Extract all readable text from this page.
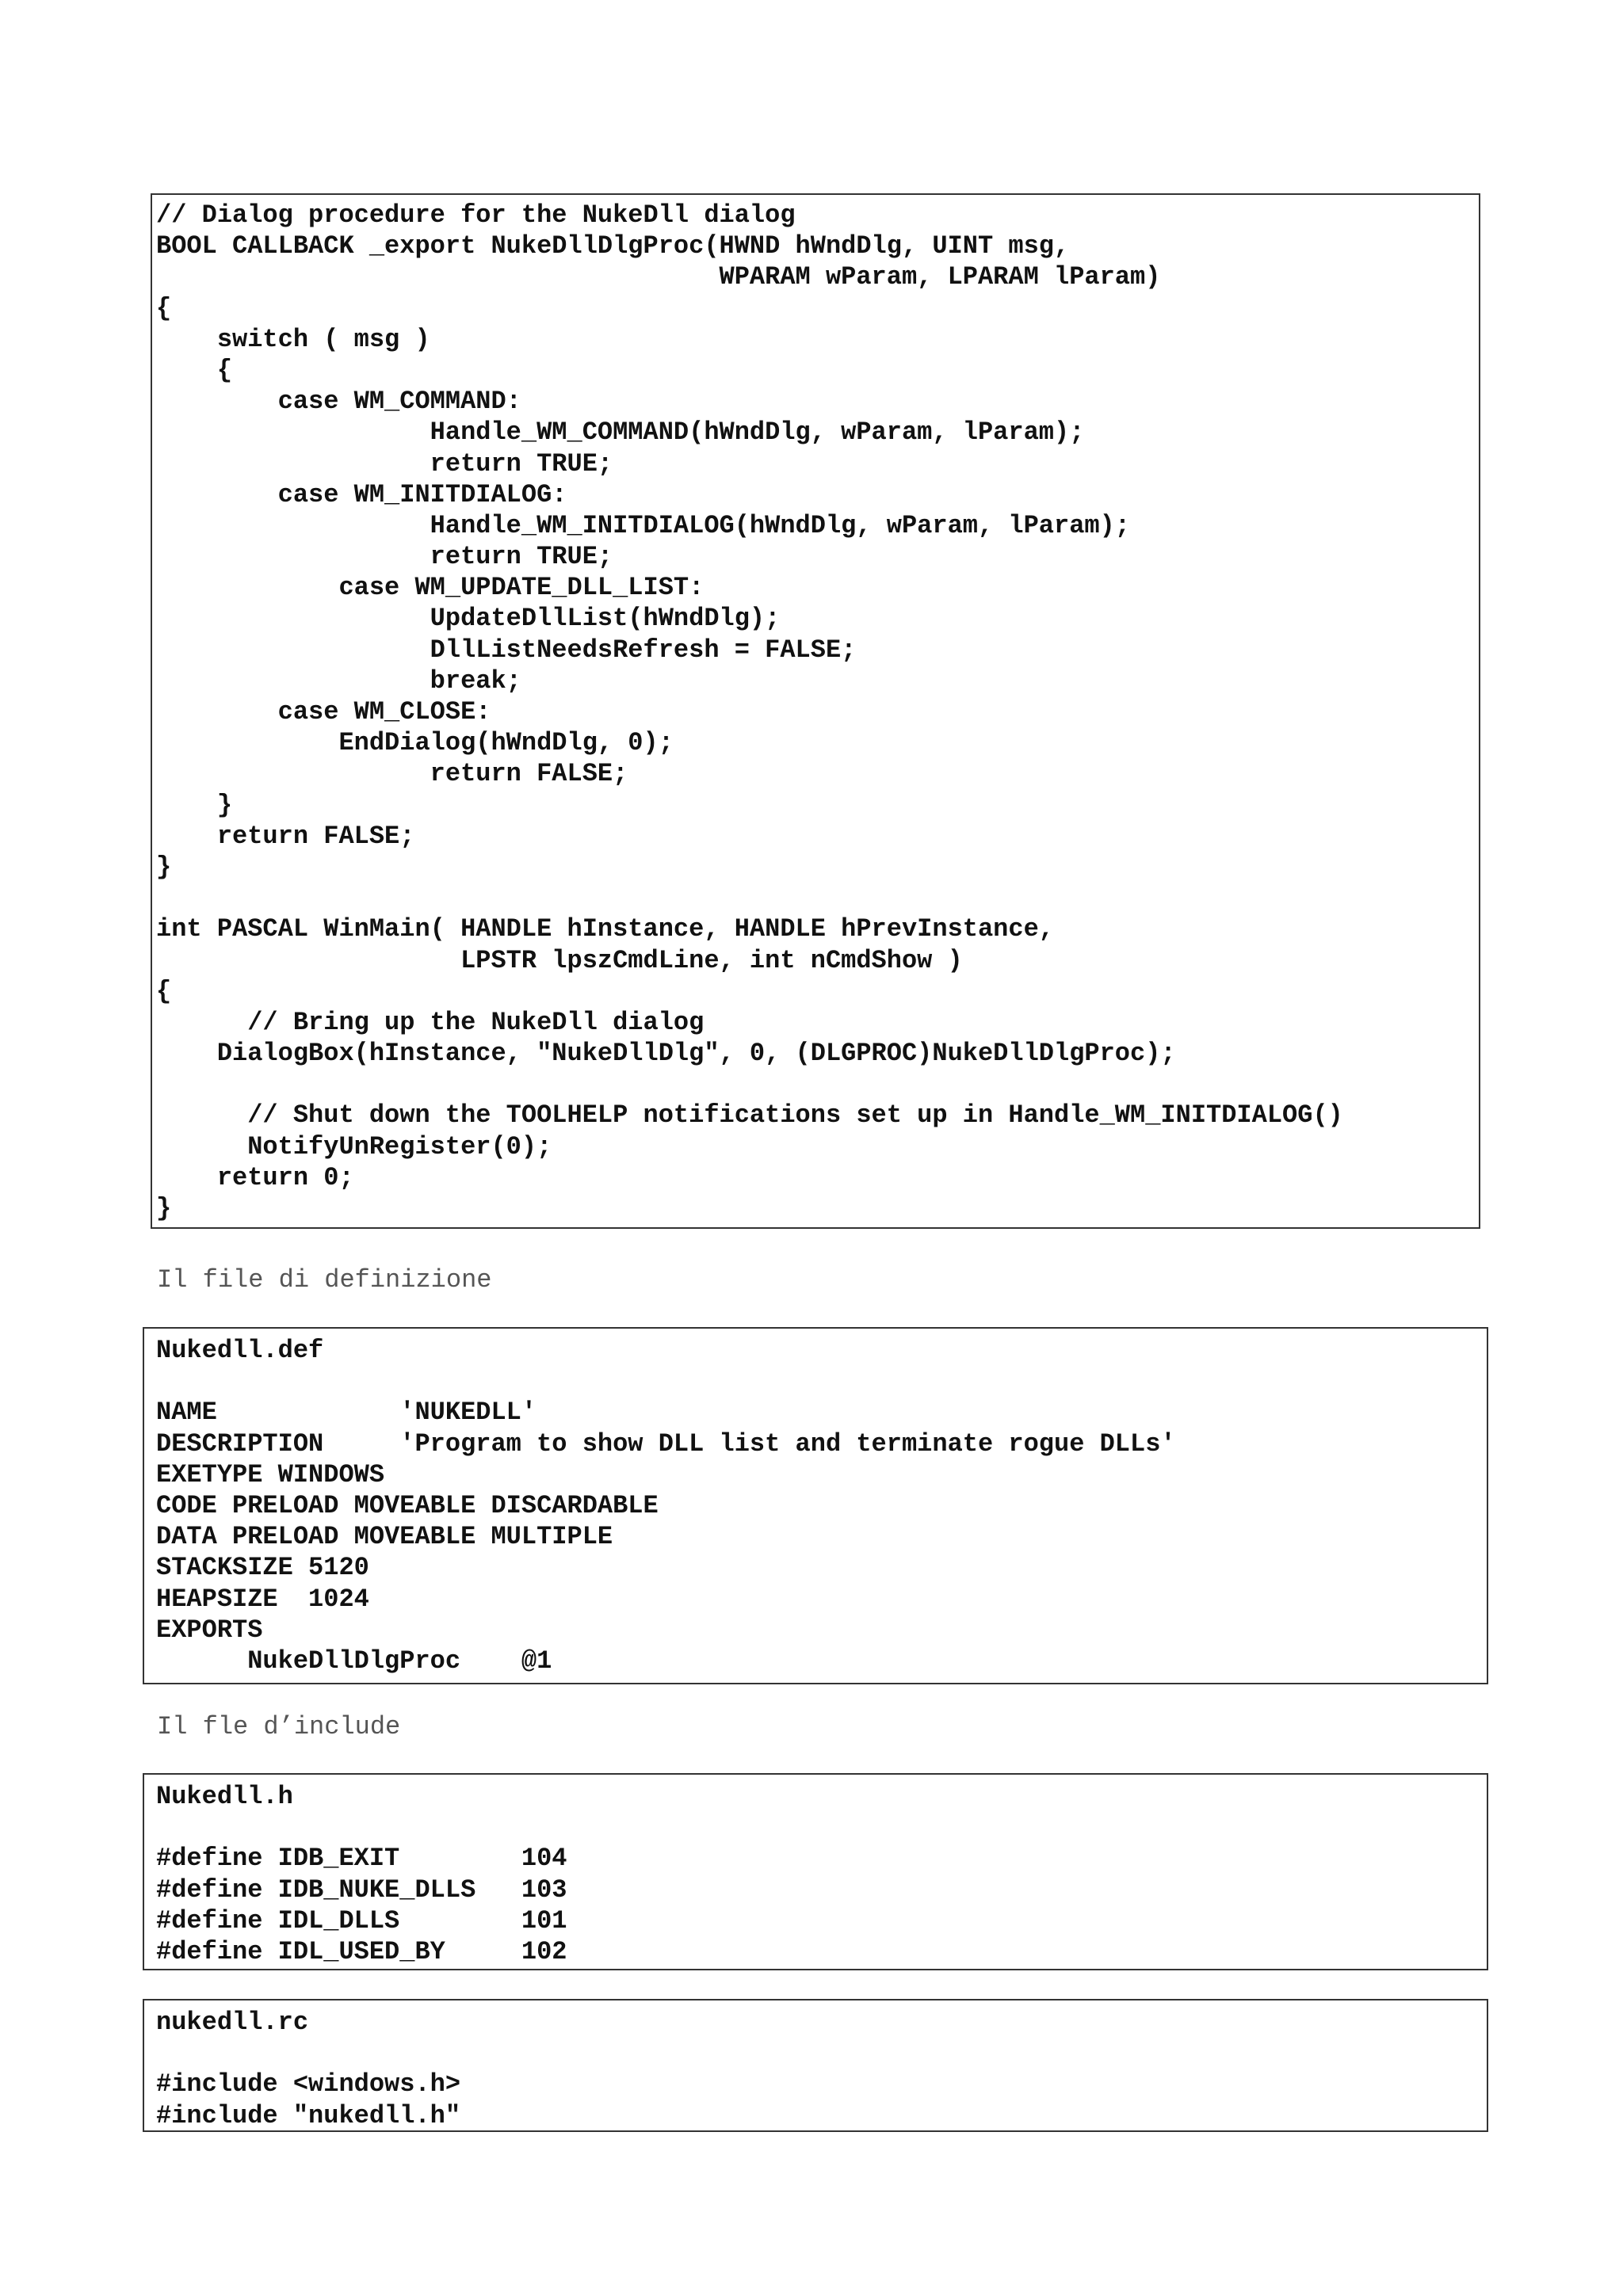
// Dialog procedure for the NukeDll dialog
BOOL CALLBACK _export NukeDllDlgProc(HWND hWndDlg, UINT msg,
WPARAM wParam, LPARAM lParam)
{
switch ( msg )
{
case WM_COMMAND:
Handle_WM_COMMAND(hWndDlg, wParam, lParam);
return TRUE;
case WM_INITDIALOG:
Handle_WM_INITDIALOG(hWndDlg, wParam, lParam);
return TRUE;
case WM_UPDATE_DLL_LIST:
UpdateDllList(hWndDlg);
DllListNeedsRefresh = FALSE;
break;
case WM_CLOSE:
EndDialog(hWndDlg, 0);
return FALSE;
}
return FALSE;
}
int PASCAL WinMain( HANDLE hInstance, HANDLE hPrevInstance,
LPSTR lpszCmdLine, int nCmdShow )
{
// Bring up the NukeDll dialog
DialogBox(hInstance, "NukeDllDlg", 0, (DLGPROC)NukeDllDlgProc);
// Shut down the TOOLHELP notifications set up in Handle_WM_INITDIALOG()
NotifyUnRegister(0);
return 0;
}
Il file di definizione
Nukedll.def
NAME            'NUKEDLL'
DESCRIPTION     'Program to show DLL list and terminate rogue DLLs'
EXETYPE WINDOWS
CODE PRELOAD MOVEABLE DISCARDABLE
DATA PRELOAD MOVEABLE MULTIPLE
STACKSIZE 5120
HEAPSIZE  1024
EXPORTS
NukeDllDlgProc    @1
Il fle d’include
Nukedll.h
#define IDB_EXIT        104
#define IDB_NUKE_DLLS   103
#define IDL_DLLS        101
#define IDL_USED_BY     102
nukedll.rc
#include <windows.h>
#include "nukedll.h"
